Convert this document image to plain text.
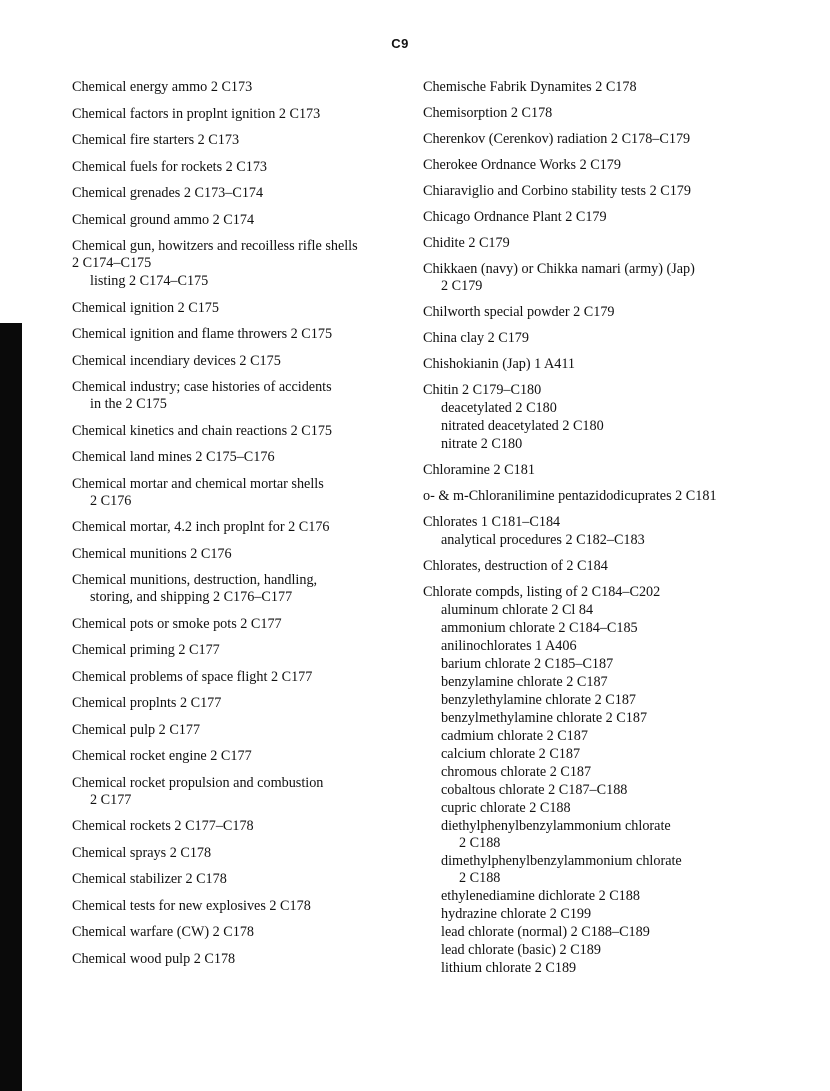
C9
Chemical energy ammo 2 C173
Chemical factors in proplnt ignition 2 C173
Chemical fire starters 2 C173
Chemical fuels for rockets 2 C173
Chemical grenades 2 C173–C174
Chemical ground ammo 2 C174
Chemical gun, howitzers and recoilless rifle shells
2 C174–C175
listing 2 C174–C175
Chemical ignition 2 C175
Chemical ignition and flame throwers 2 C175
Chemical incendiary devices 2 C175
Chemical industry; case histories of accidents
in the 2 C175
Chemical kinetics and chain reactions 2 C175
Chemical land mines 2 C175–C176
Chemical mortar and chemical mortar shells
2 C176
Chemical mortar, 4.2 inch proplnt for 2 C176
Chemical munitions 2 C176
Chemical munitions, destruction, handling,
storing, and shipping 2 C176–C177
Chemical pots or smoke pots 2 C177
Chemical priming 2 C177
Chemical problems of space flight 2 C177
Chemical proplnts 2 C177
Chemical pulp 2 C177
Chemical rocket engine 2 C177
Chemical rocket propulsion and combustion
2 C177
Chemical rockets 2 C177–C178
Chemical sprays 2 C178
Chemical stabilizer 2 C178
Chemical tests for new explosives 2 C178
Chemical warfare (CW) 2 C178
Chemical wood pulp 2 C178
Chemische Fabrik Dynamites 2 C178
Chemisorption 2 C178
Cherenkov (Cerenkov) radiation 2 C178–C179
Cherokee Ordnance Works 2 C179
Chiaraviglio and Corbino stability tests 2 C179
Chicago Ordnance Plant 2 C179
Chidite 2 C179
Chikkaen (navy) or Chikka namari (army) (Jap)
2 C179
Chilworth special powder 2 C179
China clay 2 C179
Chishokianin (Jap) 1 A411
Chitin 2 C179–C180
deacetylated 2 C180
nitrated deacetylated 2 C180
nitrate 2 C180
Chloramine 2 C181
o- & m-Chloranilimine pentazidodicuprates 2 C181
Chlorates 1 C181–C184
analytical procedures 2 C182–C183
Chlorates, destruction of 2 C184
Chlorate compds, listing of 2 C184–C202
aluminum chlorate 2 Cl 84
ammonium chlorate 2 C184–C185
anilinochlorates 1 A406
barium chlorate 2 C185–C187
benzylamine chlorate 2 C187
benzylethylamine chlorate 2 C187
benzylmethylamine chlorate 2 C187
cadmium chlorate 2 C187
calcium chlorate 2 C187
chromous chlorate 2 C187
cobaltous chlorate 2 C187–C188
cupric chlorate 2 C188
diethylphenylbenzylammonium chlorate
2 C188
dimethylphenylbenzylammonium chlorate
2 C188
ethylenediamine dichlorate 2 C188
hydrazine chlorate 2 C199
lead chlorate (normal) 2 C188–C189
lead chlorate (basic) 2 C189
lithium chlorate 2 C189
